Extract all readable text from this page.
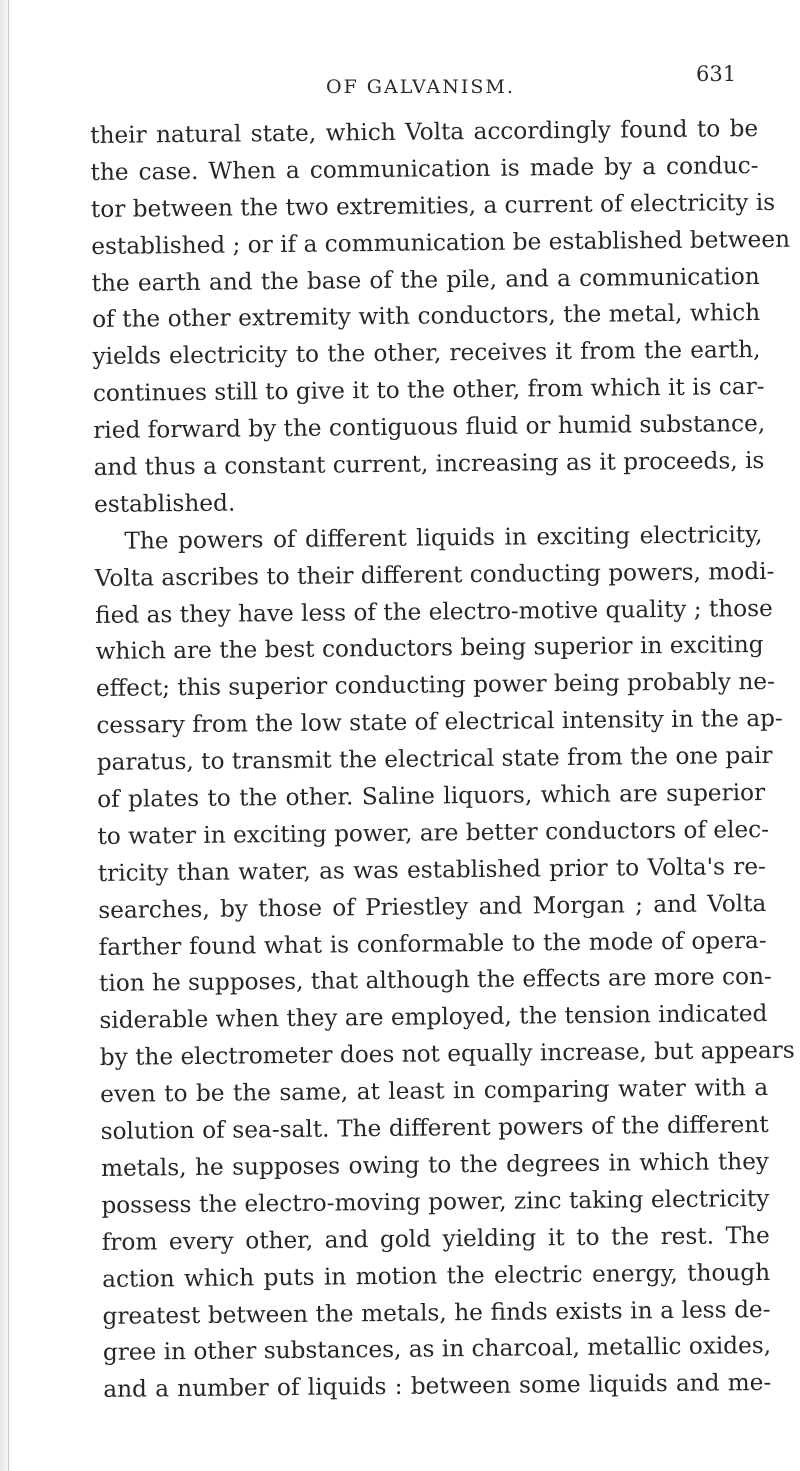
OF GALVANISM.
631
their natural state, which Volta accordingly found to be
the case. When a communication is made by a conduc-
tor between the two extremities, a current of electricity is
established ; or if a communication be established between
the earth and the base of the pile, and a communication
of the other extremity with conductors, the metal, which
yields electricity to the other, receives it from the earth,
continues still to give it to the other, from which it is car-
ried forward by the contiguous fluid or humid substance,
and thus a constant current, increasing as it proceeds, is
established.
The powers of different liquids in exciting electricity,
Volta ascribes to their different conducting powers, modi-
fied as they have less of the electro-motive quality ; those
which are the best conductors being superior in exciting
effect; this superior conducting power being probably ne-
cessary from the low state of electrical intensity in the ap-
paratus, to transmit the electrical state from the one pair
of plates to the other. Saline liquors, which are superior
to water in exciting power, are better conductors of elec-
tricity than water, as was established prior to Volta's re-
searches, by those of Priestley and Morgan ; and Volta
farther found what is conformable to the mode of opera-
tion he supposes, that although the effects are more con-
siderable when they are employed, the tension indicated
by the electrometer does not equally increase, but appears
even to be the same, at least in comparing water with a
solution of sea-salt. The different powers of the different
metals, he supposes owing to the degrees in which they
possess the electro-moving power, zinc taking electricity
from every other, and gold yielding it to the rest. The
action which puts in motion the electric energy, though
greatest between the metals, he finds exists in a less de-
gree in other substances, as in charcoal, metallic oxides,
and a number of liquids : between some liquids and me-
